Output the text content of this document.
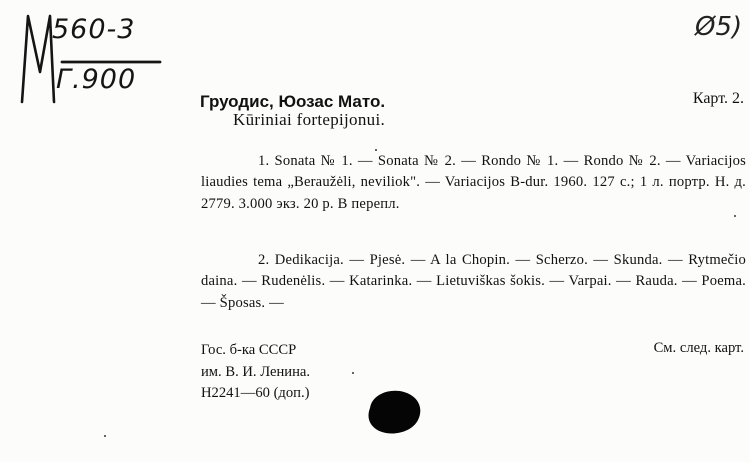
560-3
Г.900
Ø5)
Карт. 2.
Груодис, Юозас Мато.
Kūriniai fortepijonui.
1. Sonata № 1. — Sonata № 2. — Rondo № 1. — Rondo № 2. — Variacijos liaudies tema „Beraužėli, neviliok". — Variacijos B-dur. 1960. 127 с.; 1 л. портр. Н. д. 2779. 3.000 экз. 20 р. В перепл.
2. Dedikacija. — Pjesė. — A la Chopin. — Scherzo. — Skunda. — Rytmečio daina. — Rudenėlis. — Katarinka. — Lietuviškas šokis. — Varpai. — Rauda. — Poema. — Šposas. —
Гос. б-ка СССР
им. В. И. Ленина.
Н2241—60 (доп.)
См. след. карт.
